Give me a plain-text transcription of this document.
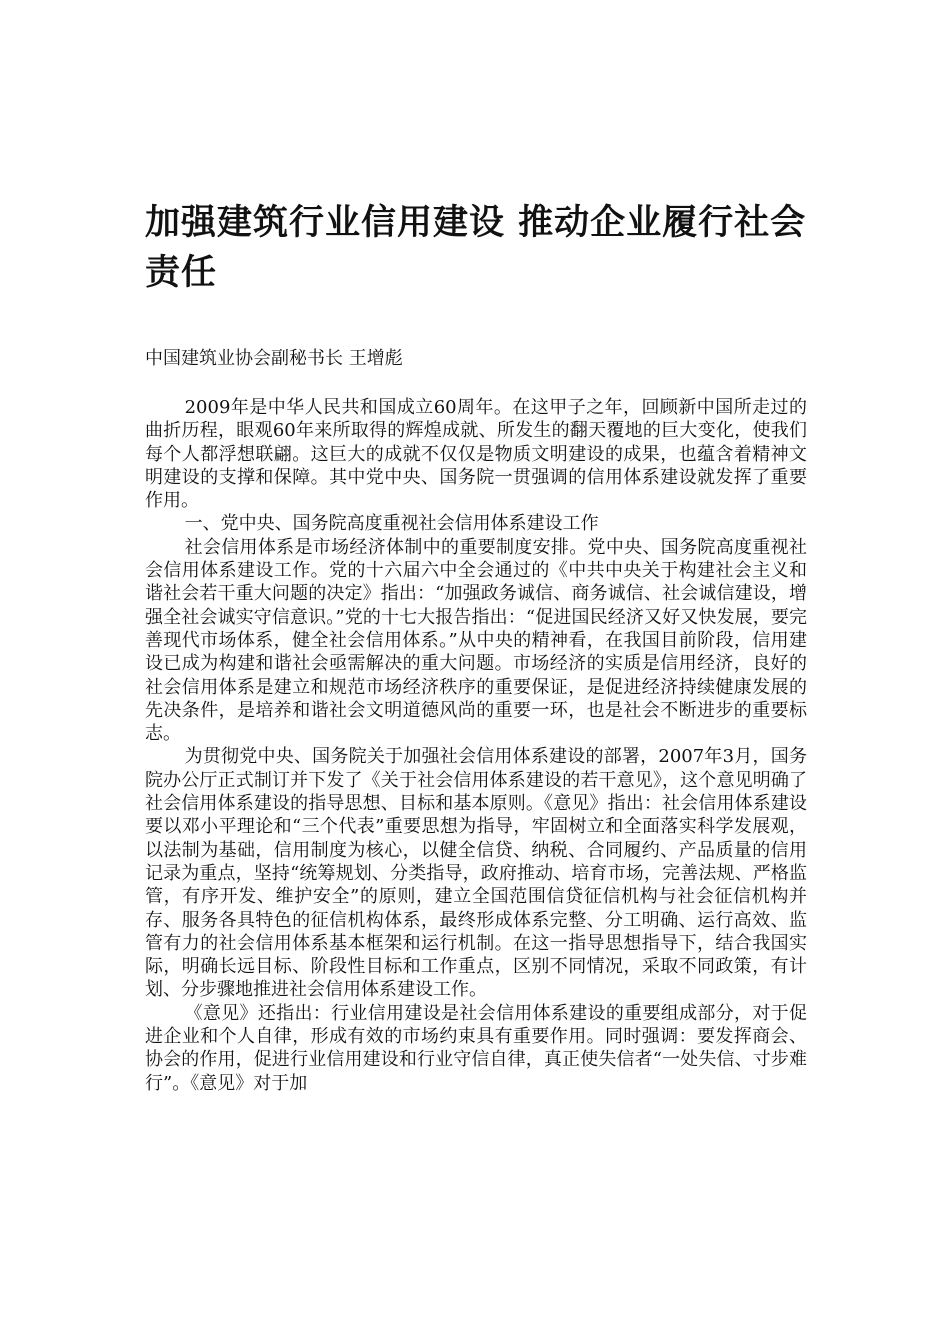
加强建筑行业信用建设 推动企业履行社会责任
中国建筑业协会副秘书长 王增彪

2009年是中华人民共和国成立60周年。在这甲子之年，回顾新中国所走过的曲折历程，眼观60年来所取得的辉煌成就、所发生的翻天覆地的巨大变化，使我们每个人都浮想联翩。这巨大的成就不仅仅是物质文明建设的成果，也蕴含着精神文明建设的支撑和保障。其中党中央、国务院一贯强调的信用体系建设就发挥了重要作用。

一、党中央、国务院高度重视社会信用体系建设工作

社会信用体系是市场经济体制中的重要制度安排。党中央、国务院高度重视社会信用体系建设工作。党的十六届六中全会通过的《中共中央关于构建社会主义和谐社会若干重大问题的决定》指出：“加强政务诚信、商务诚信、社会诚信建设，增强全社会诚实守信意识。”党的十七大报告指出：“促进国民经济又好又快发展，要完善现代市场体系，健全社会信用体系。”从中央的精神看，在我国目前阶段，信用建设已成为构建和谐社会亟需解决的重大问题。市场经济的实质是信用经济，良好的社会信用体系是建立和规范市场经济秩序的重要保证，是促进经济持续健康发展的先决条件，是培养和谐社会文明道德风尚的重要一环，也是社会不断进步的重要标志。

为贯彻党中央、国务院关于加强社会信用体系建设的部署，2007年3月，国务院办公厅正式制订并下发了《关于社会信用体系建设的若干意见》，这个意见明确了社会信用体系建设的指导思想、目标和基本原则。《意见》指出：社会信用体系建设要以邓小平理论和“三个代表”重要思想为指导，牢固树立和全面落实科学发展观，以法制为基础，信用制度为核心，以健全信贷、纳税、合同履约、产品质量的信用记录为重点，坚持“统筹规划、分类指导，政府推动、培育市场，完善法规、严格监管，有序开发、维护安全”的原则，建立全国范围信贷征信机构与社会征信机构并存、服务各具特色的征信机构体系，最终形成体系完整、分工明确、运行高效、监管有力的社会信用体系基本框架和运行机制。在这一指导思想指导下，结合我国实际，明确长远目标、阶段性目标和工作重点，区别不同情况，采取不同政策，有计划、分步骤地推进社会信用体系建设工作。

《意见》还指出：行业信用建设是社会信用体系建设的重要组成部分，对于促进企业和个人自律，形成有效的市场约束具有重要作用。同时强调：要发挥商会、协会的作用，促进行业信用建设和行业守信自律，真正使失信者“一处失信、寸步难行”。《意见》对于加
